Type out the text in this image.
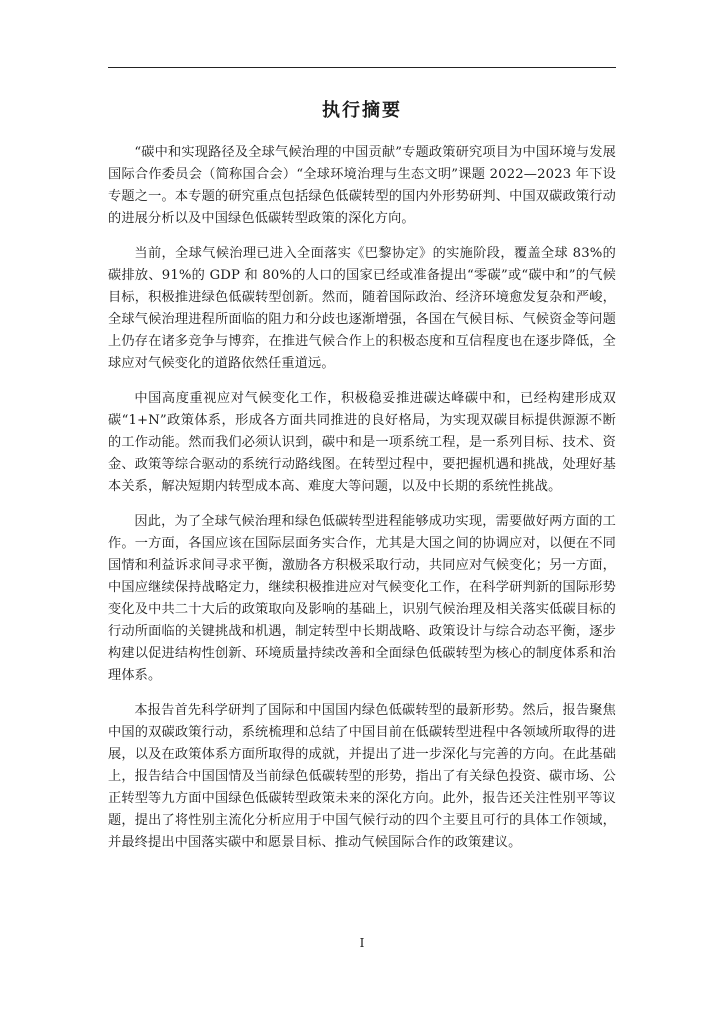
执行摘要

“碳中和实现路径及全球气候治理的中国贡献”专题政策研究项目为中国环境与发展国际合作委员会（简称国合会）“全球环境治理与生态文明”课题 2022—2023 年下设专题之一。本专题的研究重点包括绿色低碳转型的国内外形势研判、中国双碳政策行动的进展分析以及中国绿色低碳转型政策的深化方向。

当前，全球气候治理已进入全面落实《巴黎协定》的实施阶段，覆盖全球 83%的碳排放、91%的 GDP 和 80%的人口的国家已经或准备提出“零碳”或“碳中和”的气候目标，积极推进绿色低碳转型创新。然而，随着国际政治、经济环境愈发复杂和严峻，全球气候治理进程所面临的阻力和分歧也逐渐增强，各国在气候目标、气候资金等问题上仍存在诸多竞争与博弈，在推进气候合作上的积极态度和互信程度也在逐步降低，全球应对气候变化的道路依然任重道远。

中国高度重视应对气候变化工作，积极稳妥推进碳达峰碳中和，已经构建形成双碳“1+N”政策体系，形成各方面共同推进的良好格局，为实现双碳目标提供源源不断的工作动能。然而我们必须认识到，碳中和是一项系统工程，是一系列目标、技术、资金、政策等综合驱动的系统行动路线图。在转型过程中，要把握机遇和挑战，处理好基本关系，解决短期内转型成本高、难度大等问题，以及中长期的系统性挑战。

因此，为了全球气候治理和绿色低碳转型进程能够成功实现，需要做好两方面的工作。一方面，各国应该在国际层面务实合作，尤其是大国之间的协调应对，以便在不同国情和利益诉求间寻求平衡，激励各方积极采取行动，共同应对气候变化；另一方面，中国应继续保持战略定力，继续积极推进应对气候变化工作，在科学研判新的国际形势变化及中共二十大后的政策取向及影响的基础上，识别气候治理及相关落实低碳目标的行动所面临的关键挑战和机遇，制定转型中长期战略、政策设计与综合动态平衡，逐步构建以促进结构性创新、环境质量持续改善和全面绿色低碳转型为核心的制度体系和治理体系。

本报告首先科学研判了国际和中国国内绿色低碳转型的最新形势。然后，报告聚焦中国的双碳政策行动，系统梳理和总结了中国目前在低碳转型进程中各领域所取得的进展，以及在政策体系方面所取得的成就，并提出了进一步深化与完善的方向。在此基础上，报告结合中国国情及当前绿色低碳转型的形势，指出了有关绿色投资、碳市场、公正转型等九方面中国绿色低碳转型政策未来的深化方向。此外，报告还关注性别平等议题，提出了将性别主流化分析应用于中国气候行动的四个主要且可行的具体工作领域，并最终提出中国落实碳中和愿景目标、推动气候国际合作的政策建议。

I
